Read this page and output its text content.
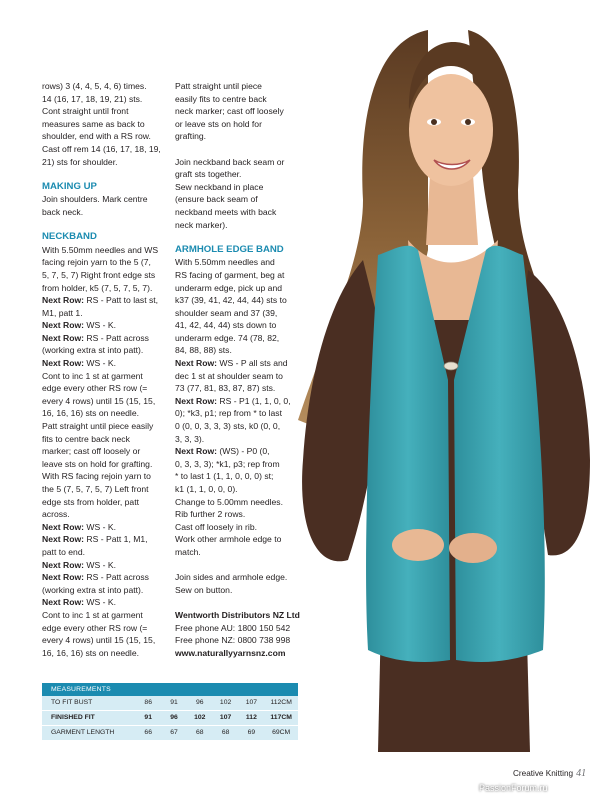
rows) 3 (4, 4, 5, 4, 6) times.

14 (16, 17, 18, 19, 21) sts.

Cont straight until front

measures same as back to

shoulder, end with a RS row.

Cast off rem 14 (16, 17, 18, 19,

21) sts for shoulder.

MAKING UP

Join shoulders. Mark centre

back neck.

NECKBAND

With 5.50mm needles and WS

facing rejoin yarn to the 5 (7,

5, 7, 5, 7) Right front edge sts

from holder, k5 (7, 5, 7, 5, 7).

Next Row: RS - Patt to last st,

M1, patt 1.

Next Row: WS - K.

Next Row: RS - Patt across

(working extra st into patt).

Next Row: WS - K.

Cont to inc 1 st at garment

edge every other RS row (=

every 4 rows) until 15 (15, 15,

16, 16, 16) sts on needle.

Patt straight until piece easily

fits to centre back neck

marker; cast off loosely or

leave sts on hold for grafting.

With RS facing rejoin yarn to

the 5 (7, 5, 7, 5, 7) Left front

edge sts from holder, patt

across.

Next Row: WS - K.

Next Row: RS - Patt 1, M1,

patt to end.

Next Row: WS - K.

Next Row: RS - Patt across

(working extra st into patt).

Next Row: WS - K.

Cont to inc 1 st at garment

edge every other RS row (=

every 4 rows) until 15 (15, 15,

16, 16, 16) sts on needle.

Patt straight until piece

easily fits to centre back

neck marker; cast off loosely

or leave sts on hold for

grafting.

Join neckband back seam or

graft sts together.

Sew neckband in place

(ensure back seam of

neckband meets with back

neck marker).

ARMHOLE EDGE BAND

With 5.50mm needles and

RS facing of garment, beg at

underarm edge, pick up and

k37 (39, 41, 42, 44, 44) sts to

shoulder seam and 37 (39,

41, 42, 44, 44) sts down to

underarm edge. 74 (78, 82,

84, 88, 88) sts.

Next Row: WS - P all sts and

dec 1 st at shoulder seam to

73 (77, 81, 83, 87, 87) sts.

Next Row: RS - P1 (1, 1, 0, 0,

0); *k3, p1; rep from * to last

0 (0, 0, 3, 3, 3) sts, k0 (0, 0,

3, 3, 3).

Next Row: (WS) - P0 (0,

0, 3, 3, 3); *k1, p3; rep from

* to last 1 (1, 1, 0, 0, 0) st;

k1 (1, 1, 0, 0, 0).

Change to 5.00mm needles.

Rib further 2 rows.

Cast off loosely in rib.

Work other armhole edge to

match.

Join sides and armhole edge.

Sew on button.

Wentworth Distributors NZ Ltd

Free phone AU: 1800 150 542

Free phone NZ: 0800 738 998

www.naturallyyarnsnz.com

MEASUREMENTS
TO FIT BUST	86	91	96	102	107	112CM
FINISHED FIT	91	96	102	107	112	117CM
GARMENT LENGTH	66	67	68	68	69	69CM
Creative Knitting 41
PassionForum.ru
